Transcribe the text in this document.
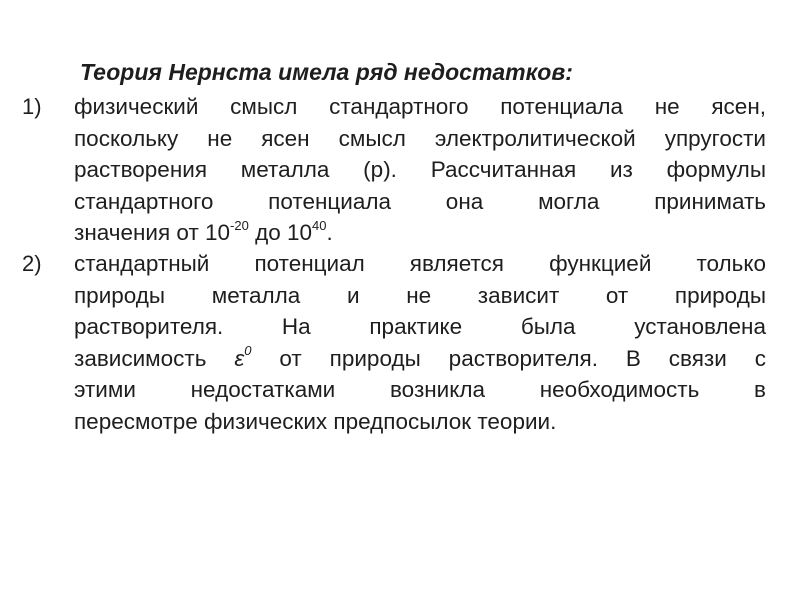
Теория Нернста имела ряд недостатков:
1) физический смысл стандартного потенциала не ясен,
поскольку не ясен смысл электролитической упругости
растворения металла (p). Рассчитанная из формулы
стандартного потенциала она могла принимать
значения от $10^{-20}$ до $10^{40}$.
2) стандартный потенциал является функцией только
природы металла и не зависит от природы
растворителя. На практике была установлена
зависимость $\varepsilon^0$ от природы растворителя. В связи с
этими недостатками возникла необходимость в
пересмотре физических предпосылок теории.
